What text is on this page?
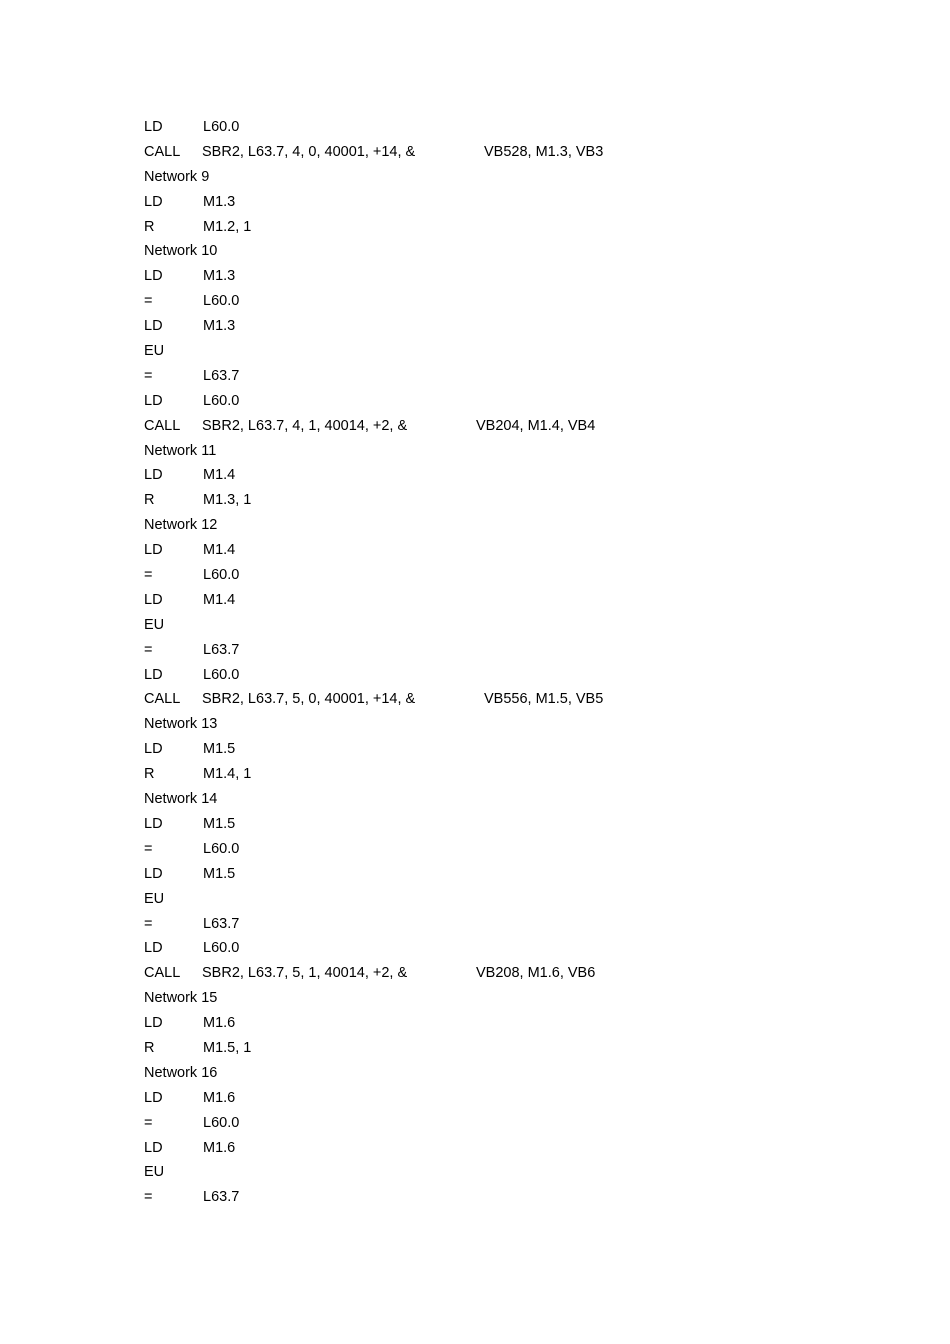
LD	L60.0
CALL SBR2, L63.7, 4, 0, 40001, +14, &	VB528, M1.3, VB3
Network 9
LD	M1.3
R	M1.2, 1
Network 10
LD	M1.3
=	L60.0
LD	M1.3
EU
=	L63.7
LD	L60.0
CALL SBR2, L63.7, 4, 1, 40014, +2, &	VB204, M1.4, VB4
Network 11
LD	M1.4
R	M1.3, 1
Network 12
LD	M1.4
=	L60.0
LD	M1.4
EU
=	L63.7
LD	L60.0
CALL SBR2, L63.7, 5, 0, 40001, +14, &	VB556, M1.5, VB5
Network 13
LD	M1.5
R	M1.4, 1
Network 14
LD	M1.5
=	L60.0
LD	M1.5
EU
=	L63.7
LD	L60.0
CALL SBR2, L63.7, 5, 1, 40014, +2, &	VB208, M1.6, VB6
Network 15
LD	M1.6
R	M1.5, 1
Network 16
LD	M1.6
=	L60.0
LD	M1.6
EU
=	L63.7
